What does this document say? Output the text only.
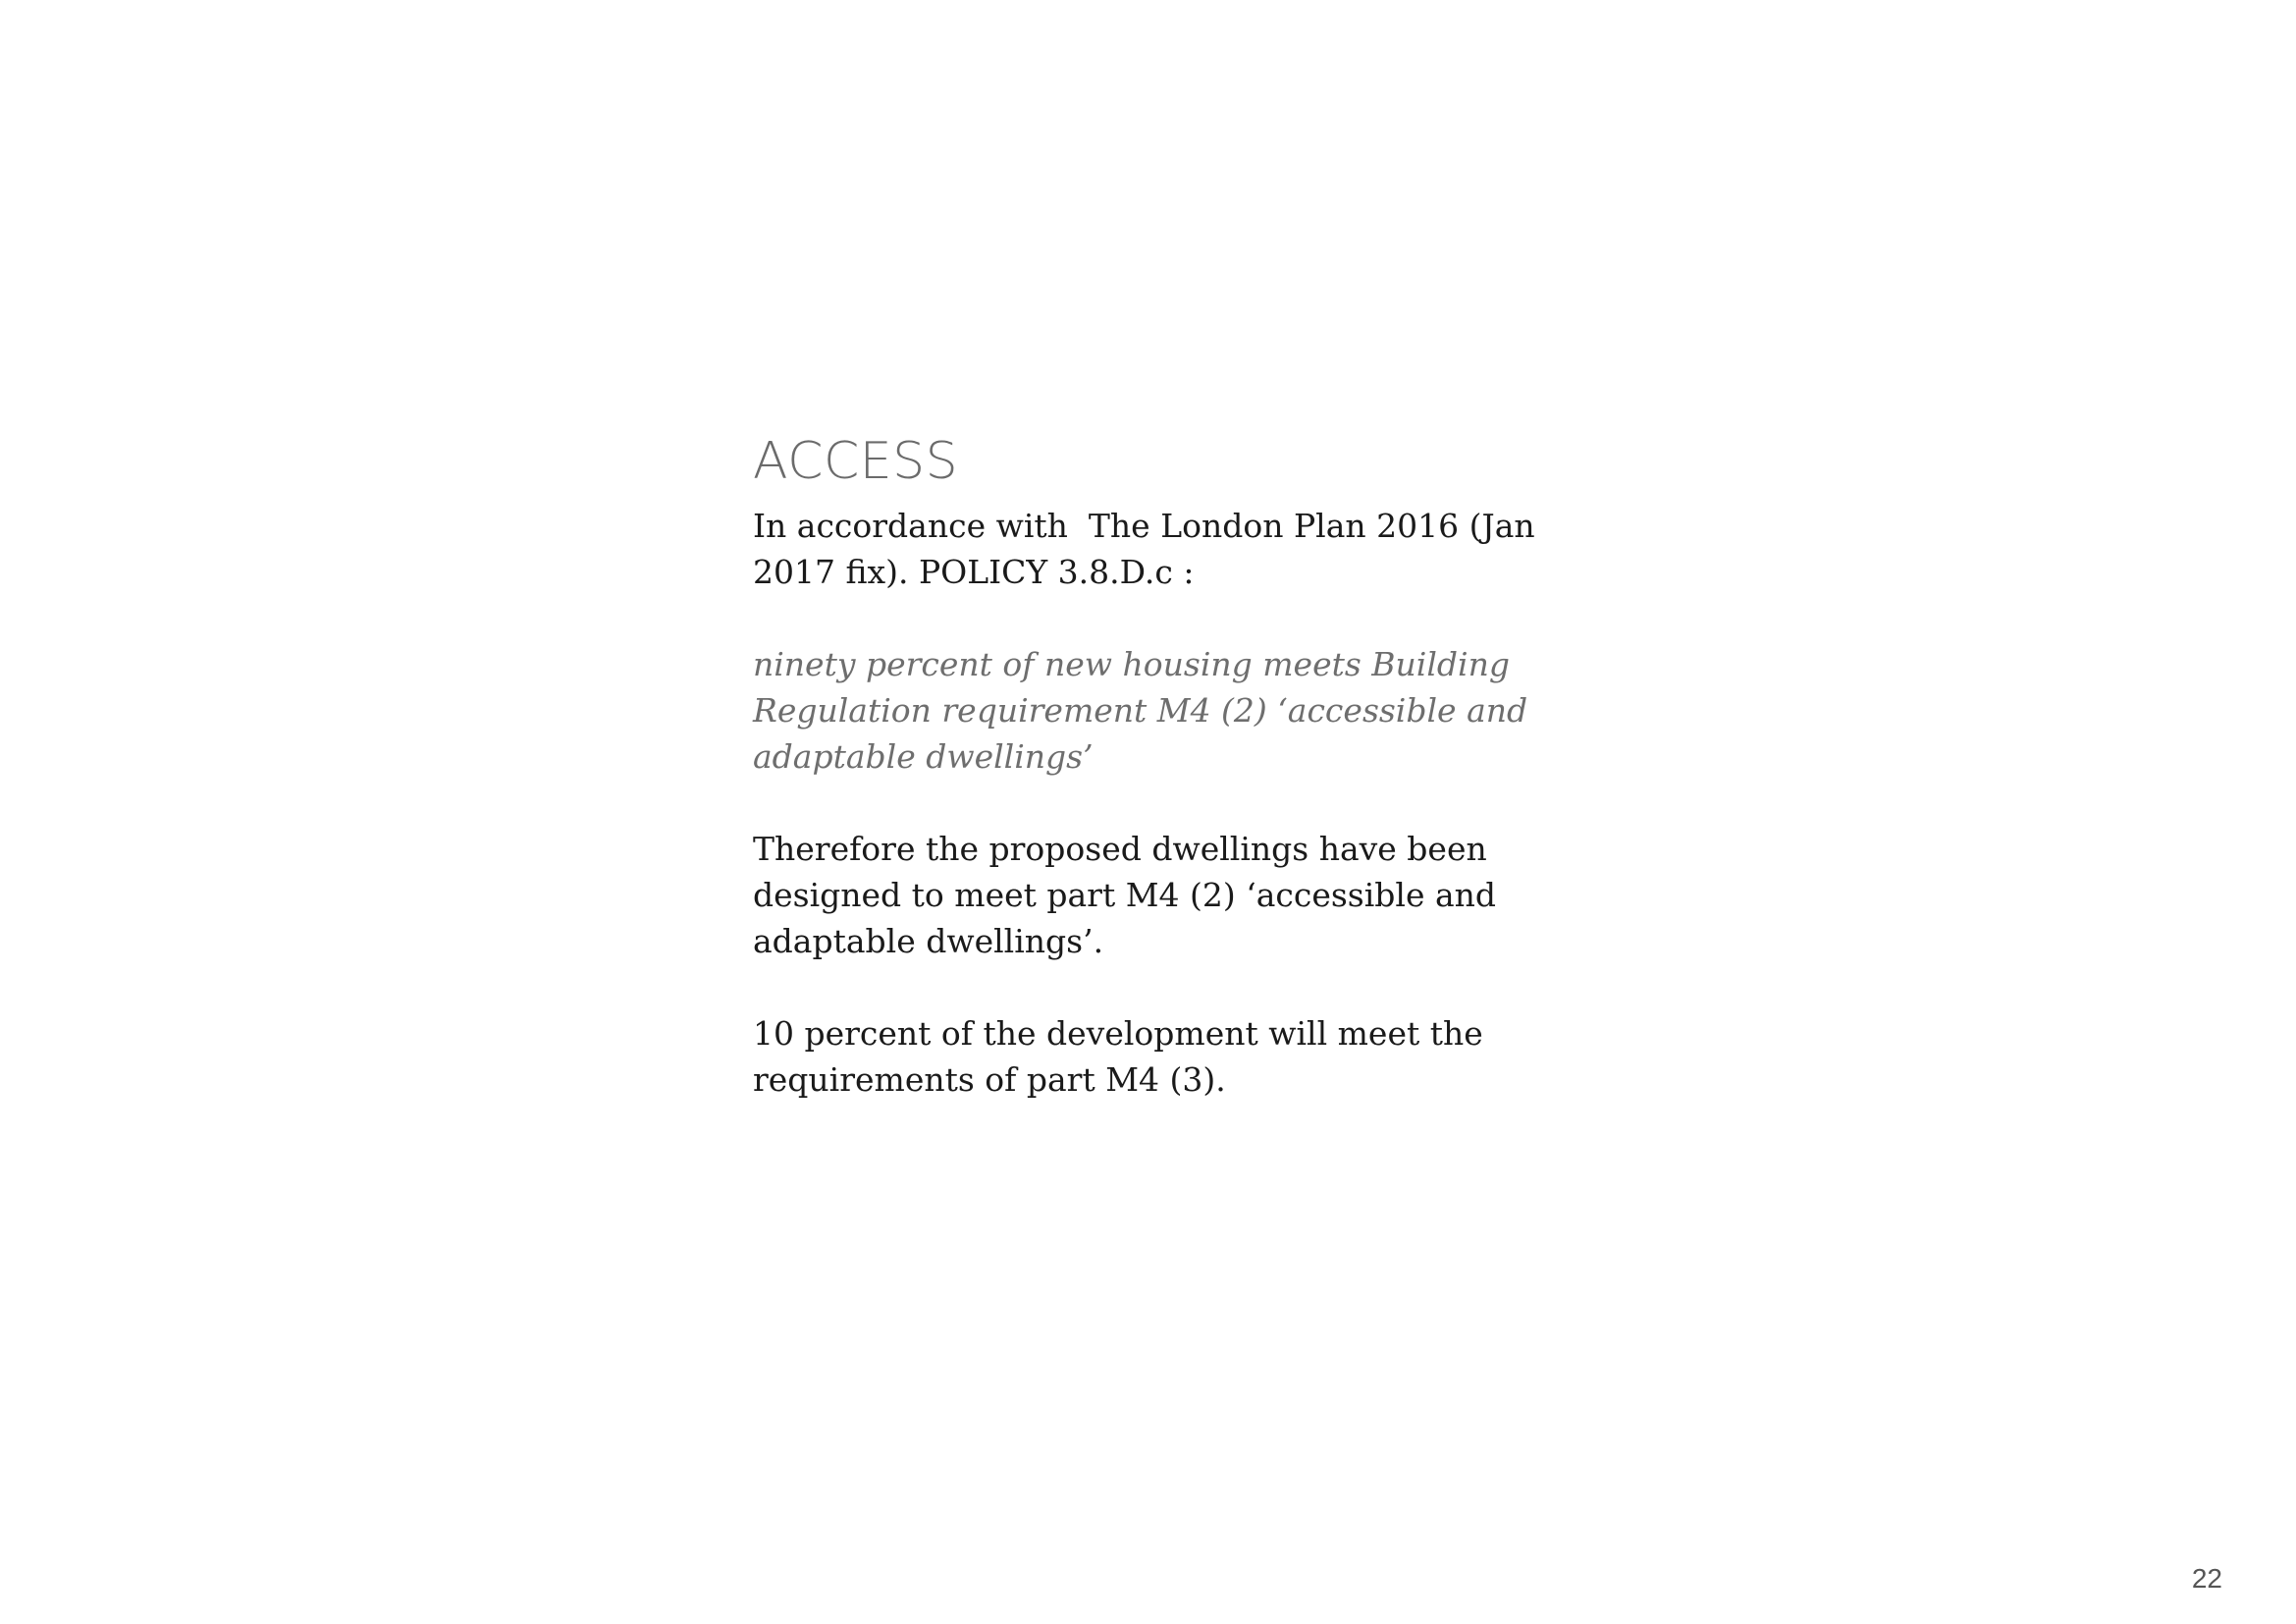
ACCESS

In accordance with  The London Plan 2016 (Jan

2017 fix). POLICY 3.8.D.c :

ninety percent of new housing meets Building

Regulation requirement M4 (2) ‘accessible and

adaptable dwellings’

Therefore the proposed dwellings have been

designed to meet part M4 (2) ‘accessible and

adaptable dwellings’.

10 percent of the development will meet the

requirements of part M4 (3).

22
